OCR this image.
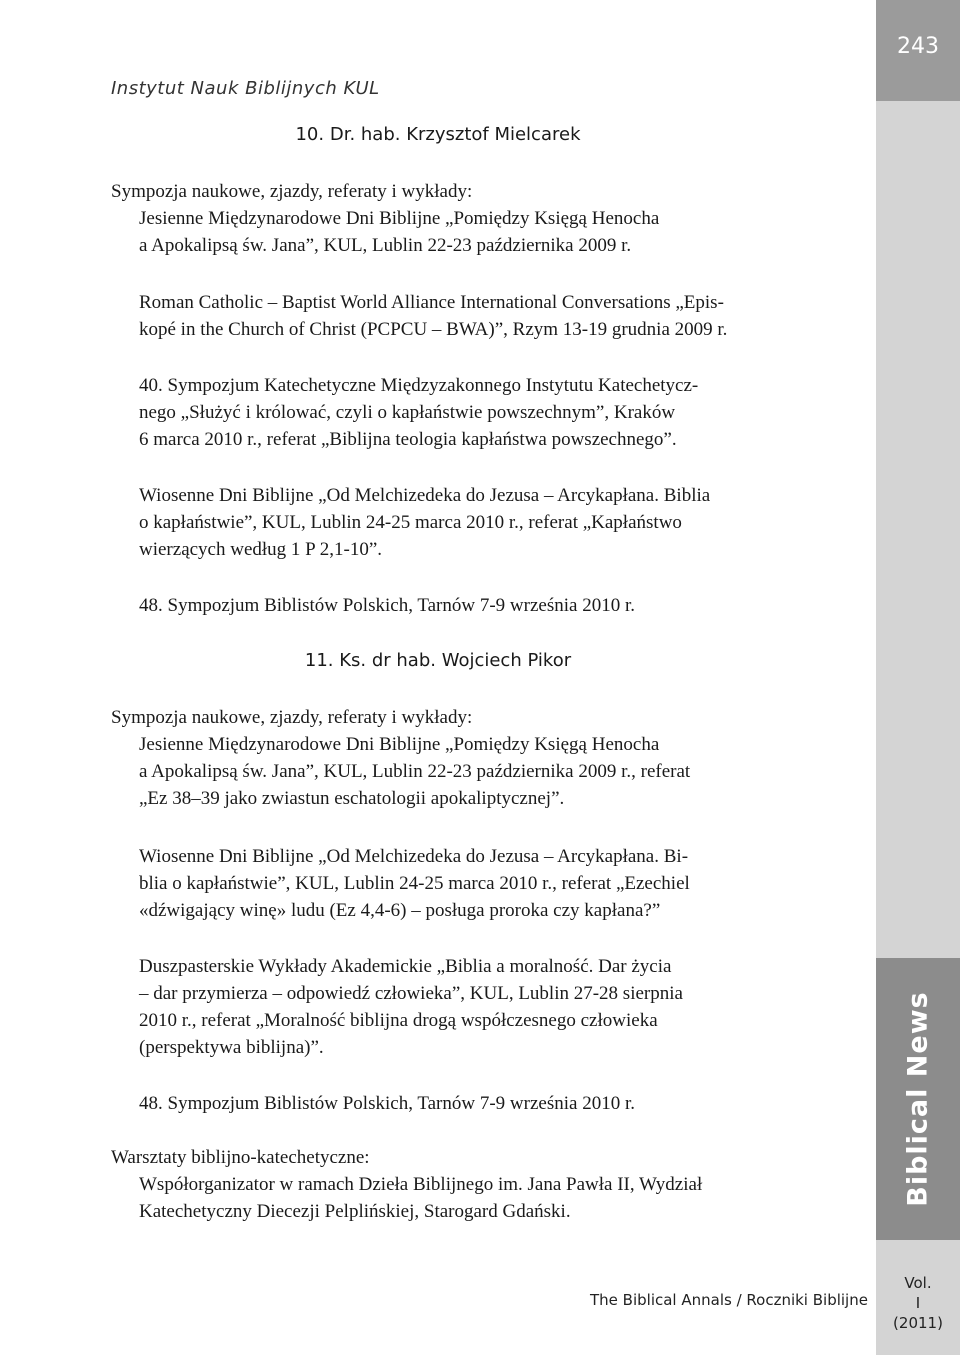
243
Biblical News
Vol.
I
(2011)
Instytut Nauk Biblijnych KUL
10. Dr. hab. Krzysztof Mielcarek
Sympozja naukowe, zjazdy, referaty i wykłady:
Jesienne Międzynarodowe Dni Biblijne „Pomiędzy Księgą Henocha
a Apokalipsą św. Jana”, KUL, Lublin 22-23 października 2009 r.
Roman Catholic – Baptist World Alliance International Conversations „Epis-
kopé in the Church of Christ (PCPCU – BWA)”, Rzym 13-19 grudnia 2009 r.
40. Sympozjum Katechetyczne Międzyzakonnego Instytutu Katechetycz-
nego „Służyć i królować, czyli o kapłaństwie powszechnym”, Kraków
6 marca 2010 r., referat „Biblijna teologia kapłaństwa powszechnego”.
Wiosenne Dni Biblijne „Od Melchizedeka do Jezusa – Arcykapłana. Biblia
o kapłaństwie”, KUL, Lublin 24-25 marca 2010 r., referat „Kapłaństwo
wierzących według 1 P 2,1-10”.
48. Sympozjum Biblistów Polskich, Tarnów 7-9 września 2010 r.
11. Ks. dr hab. Wojciech Pikor
Sympozja naukowe, zjazdy, referaty i wykłady:
Jesienne Międzynarodowe Dni Biblijne „Pomiędzy Księgą Henocha
a Apokalipsą św. Jana”, KUL, Lublin 22-23 października 2009 r., referat
„Ez 38–39 jako zwiastun eschatologii apokaliptycznej”.
Wiosenne Dni Biblijne „Od Melchizedeka do Jezusa – Arcykapłana. Bi-
blia o kapłaństwie”, KUL, Lublin 24-25 marca 2010 r., referat „Ezechiel
«dźwigający winę» ludu (Ez 4,4-6) – posługa proroka czy kapłana?”
Duszpasterskie Wykłady Akademickie „Biblia a moralność. Dar życia
– dar przymierza – odpowiedź człowieka”, KUL, Lublin 27-28 sierpnia
2010 r., referat „Moralność biblijna drogą współczesnego człowieka
(perspektywa biblijna)”.
48. Sympozjum Biblistów Polskich, Tarnów 7-9 września 2010 r.
Warsztaty biblijno-katechetyczne:
Współorganizator w ramach Dzieła Biblijnego im. Jana Pawła II, Wydział
Katechetyczny Diecezji Pelplińskiej, Starogard Gdański.
The Biblical Annals / Roczniki Biblijne
